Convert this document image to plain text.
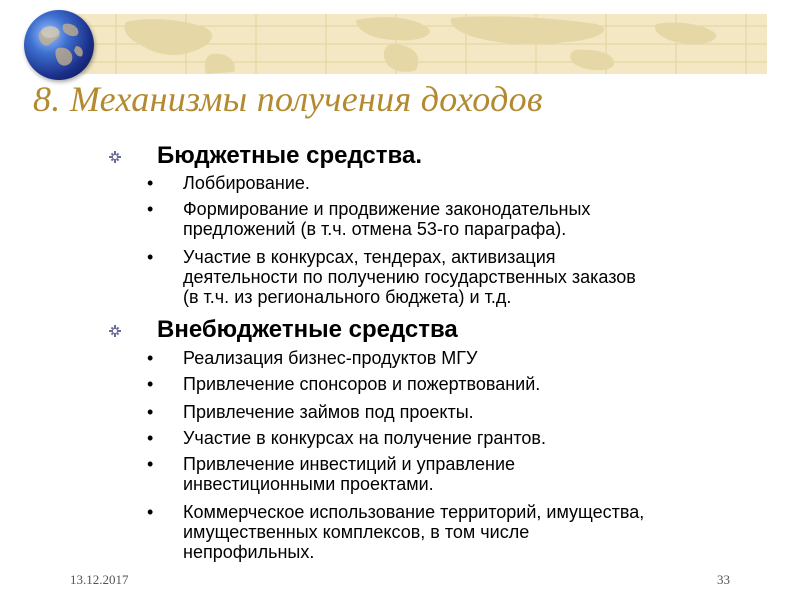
8. Механизмы получения доходов
Бюджетные средства.
• Лоббирование.
• Формирование и продвижение законодательных
предложений (в т.ч. отмена 53-го параграфа).
• Участие в конкурсах, тендерах, активизация
деятельности по получению государственных заказов
(в т.ч. из регионального бюджета) и т.д.
Внебюджетные средства
• Реализация бизнес-продуктов МГУ
• Привлечение спонсоров и пожертвований.
• Привлечение займов под проекты.
• Участие в конкурсах на получение грантов.
• Привлечение инвестиций и управление
инвестиционными проектами.
• Коммерческое использование территорий, имущества,
имущественных комплексов, в том числе
непрофильных.
13.12.2017	33
